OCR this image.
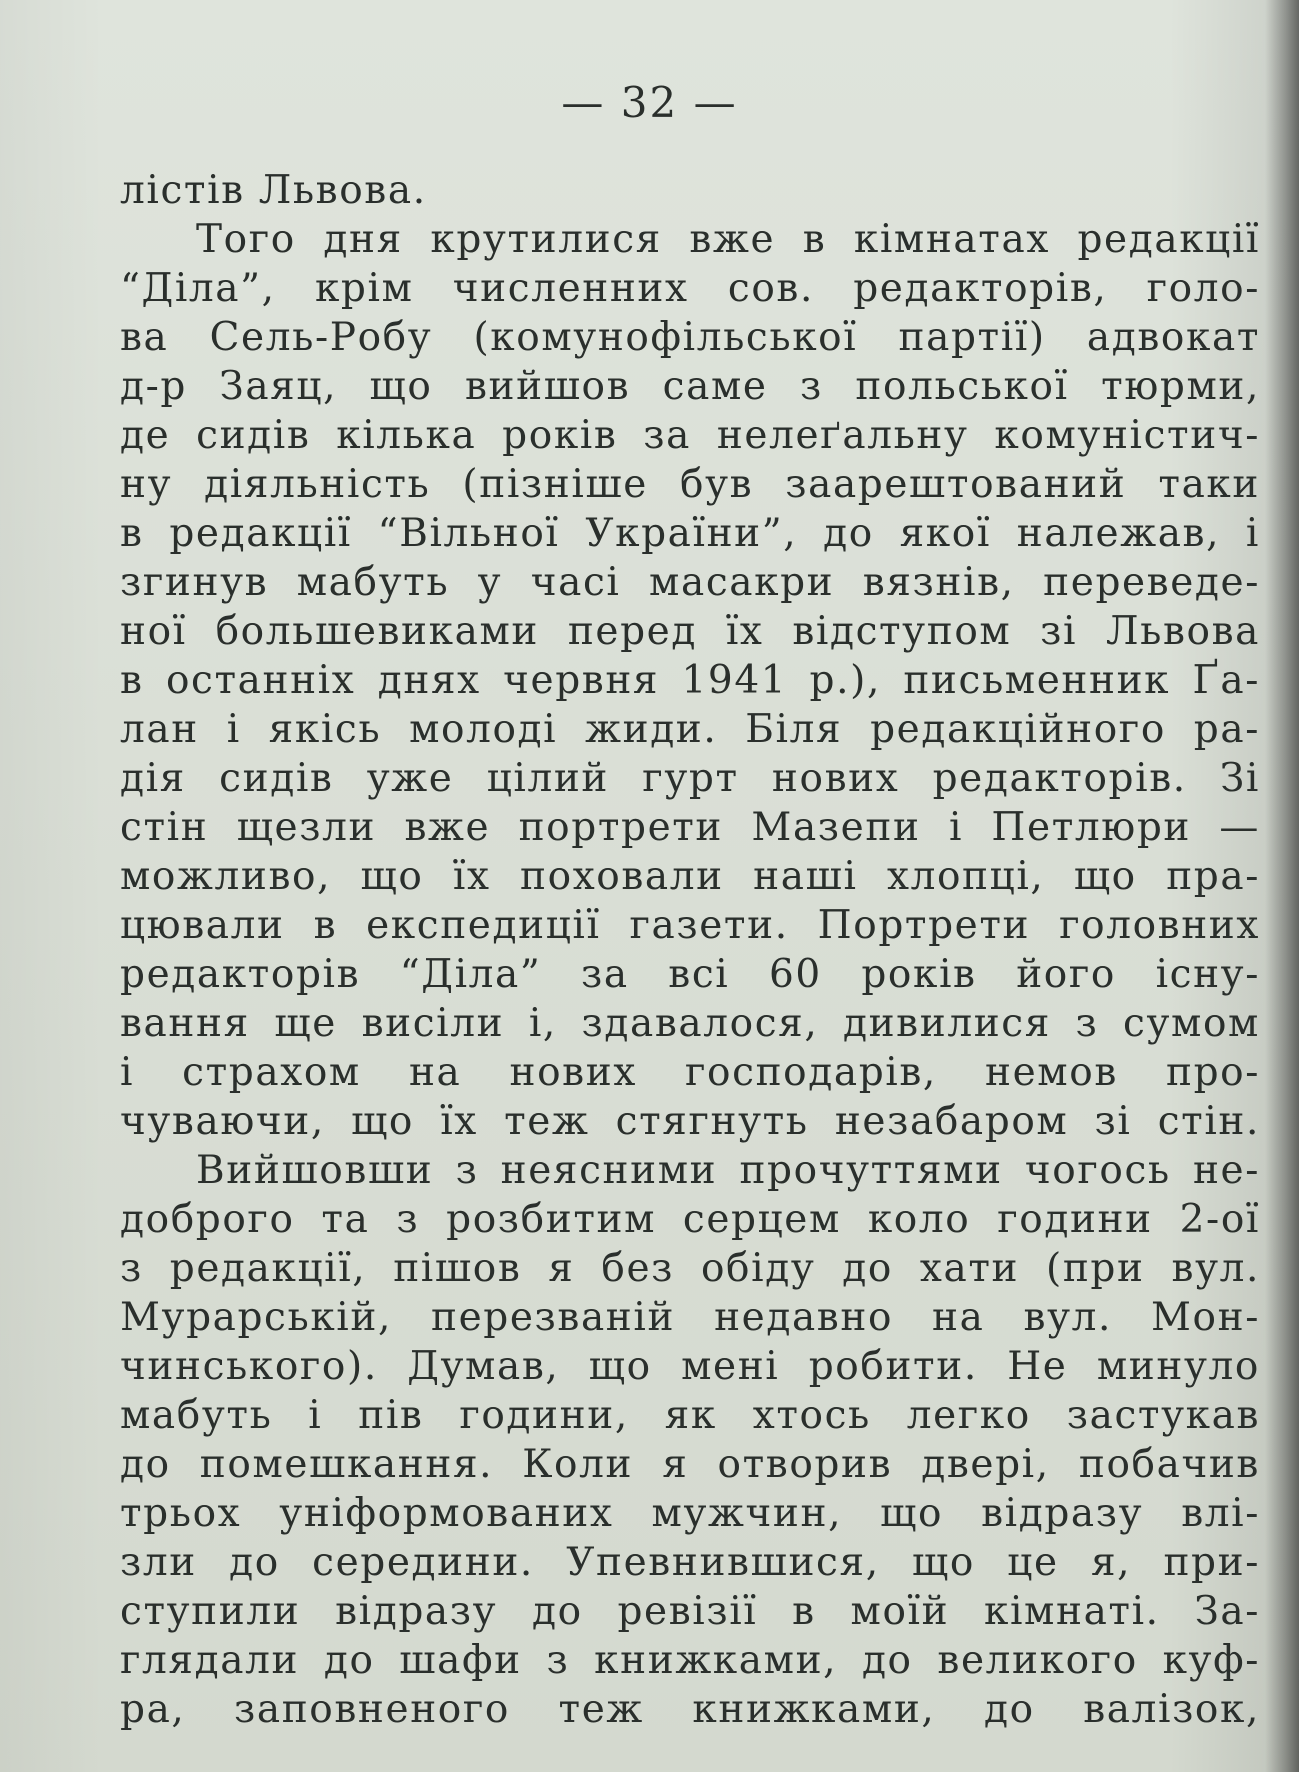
— 32 —
лістів Львова.
Того дня крутилися вже в кімнатах редакції
“Діла”, крім численних сов. редакторів, голо-
ва Сель-Робу (комунофільської партії) адвокат
д-р Заяц, що вийшов саме з польської тюрми,
де сидів кілька років за нелеґальну комуністич-
ну діяльність (пізніше був заарештований таки
в редакції “Вільної України”, до якої належав, і
згинув мабуть у часі масакри вязнів, переведе-
ної большевиками перед їх відступом зі Львова
в останніх днях червня 1941 р.), письменник Ґа-
лан і якісь молоді жиди. Біля редакційного ра-
дія сидів уже цілий гурт нових редакторів. Зі
стін щезли вже портрети Мазепи і Петлюри —
можливо, що їх поховали наші хлопці, що пра-
цювали в експедиції газети. Портрети головних
редакторів “Діла” за всі 60 років його існу-
вання ще висіли і, здавалося, дивилися з сумом
і страхом на нових господарів, немов про-
чуваючи, що їх теж стягнуть незабаром зі стін.
Вийшовши з неясними прочуттями чогось не-
доброго та з розбитим серцем коло години 2-ої
з редакції, пішов я без обіду до хати (при вул.
Мурарській, перезваній недавно на вул. Мон-
чинського). Думав, що мені робити. Не минуло
мабуть і пів години, як хтось легко застукав
до помешкання. Коли я отворив двері, побачив
трьох уніформованих мужчин, що відразу влі-
зли до середини. Упевнившися, що це я, при-
ступили відразу до ревізії в моїй кімнаті. За-
глядали до шафи з книжками, до великого куф-
ра, заповненого теж книжками, до валізок,
